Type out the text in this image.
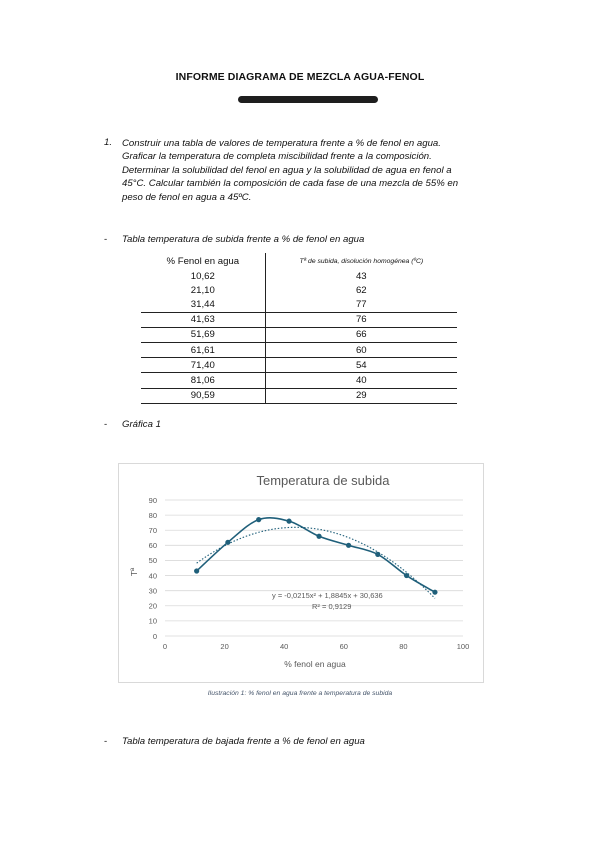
INFORME DIAGRAMA DE MEZCLA AGUA-FENOL
1. Construir una tabla de valores de temperatura frente a % de fenol en agua.
Graficar la temperatura de completa miscibilidad frente a la composición.
Determinar la solubilidad del fenol en agua y la solubilidad de agua en fenol a
45°C. Calcular también la composición de cada fase de una mezcla de 55% en
peso de fenol en agua a 45ºC.
- Tabla temperatura de subida frente a % de fenol en agua
% Fenol en agua	Tª de subida, disolución homogénea (ºC)
10,62	43
21,10	62
31,44	77
41,63	76
51,69	66
61,61	60
71,40	54
81,06	40
90,59	29
- Gráfica 1
0
10
20
30
40
50
60
70
80
90
0	20	40	60	80	100
Temperatura de subida
% fenol en agua
Tª
y = -0,0215x² + 1,8845x + 30,636
R² = 0,9129
Ilustración 1: % fenol en agua frente a temperatura de subida
- Tabla temperatura de bajada frente a % de fenol en agua
